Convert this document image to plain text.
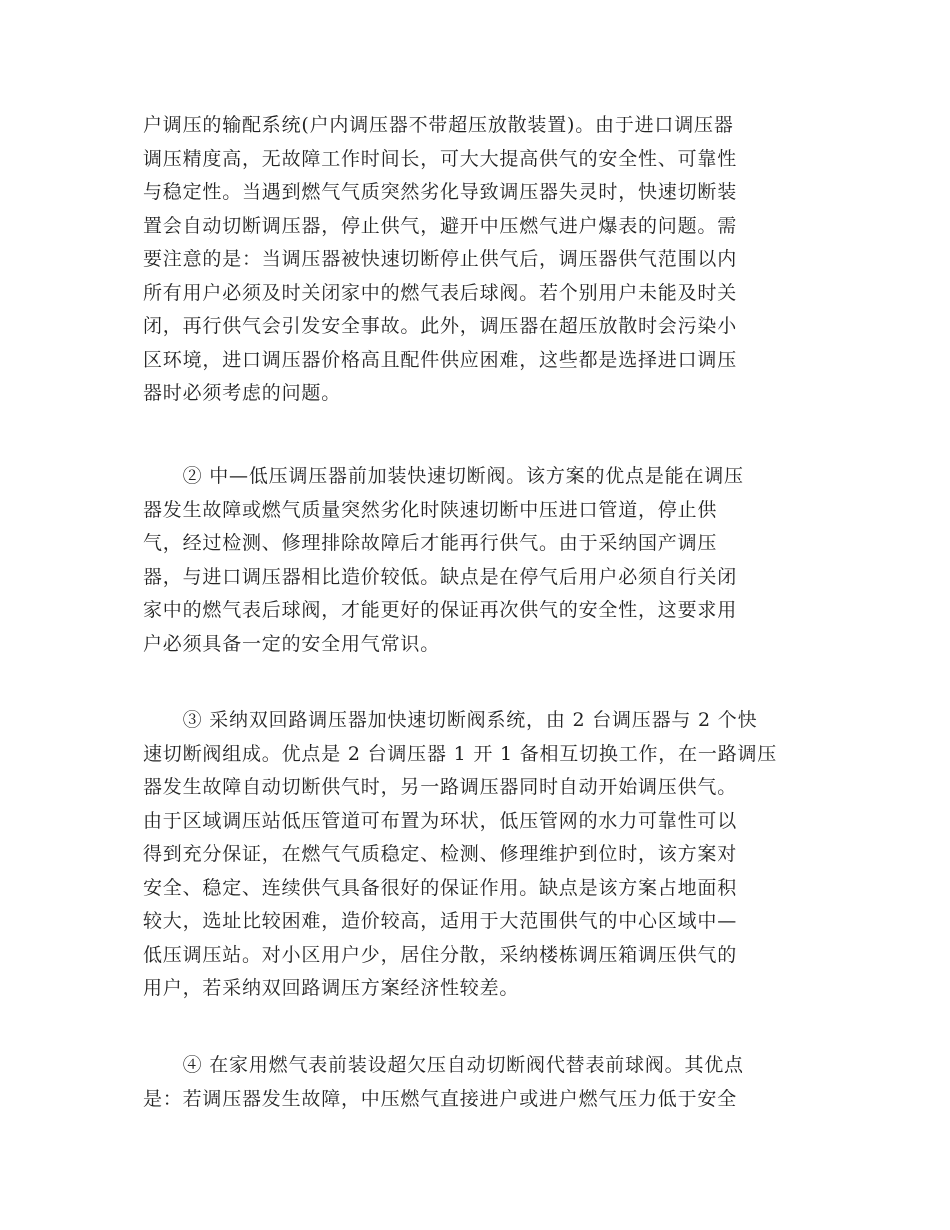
户调压的输配系统(户内调压器不带超压放散装置)。由于进口调压器
调压精度高，无故障工作时间长，可大大提高供气的安全性、可靠性
与稳定性。当遇到燃气气质突然劣化导致调压器失灵时，快速切断装
置会自动切断调压器，停止供气，避开中压燃气进户爆表的问题。需
要注意的是：当调压器被快速切断停止供气后，调压器供气范围以内
所有用户必须及时关闭家中的燃气表后球阀。若个别用户未能及时关
闭，再行供气会引发安全事故。此外，调压器在超压放散时会污染小
区环境，进口调压器价格高且配件供应困难，这些都是选择进口调压
器时必须考虑的问题。
　　② 中—低压调压器前加装快速切断阀。该方案的优点是能在调压
器发生故障或燃气质量突然劣化时陕速切断中压进口管道，停止供
气，经过检测、修理排除故障后才能再行供气。由于采纳国产调压
器，与进口调压器相比造价较低。缺点是在停气后用户必须自行关闭
家中的燃气表后球阀，才能更好的保证再次供气的安全性，这要求用
户必须具备一定的安全用气常识。
　　③ 采纳双回路调压器加快速切断阀系统，由 2 台调压器与 2 个快
速切断阀组成。优点是 2 台调压器 1 开 1 备相互切换工作，在一路调压
器发生故障自动切断供气时，另一路调压器同时自动开始调压供气。
由于区域调压站低压管道可布置为环状，低压管网的水力可靠性可以
得到充分保证，在燃气气质稳定、检测、修理维护到位时，该方案对
安全、稳定、连续供气具备很好的保证作用。缺点是该方案占地面积
较大，选址比较困难，造价较高，适用于大范围供气的中心区域中—
低压调压站。对小区用户少，居住分散，采纳楼栋调压箱调压供气的
用户，若采纳双回路调压方案经济性较差。
　　④ 在家用燃气表前装设超欠压自动切断阀代替表前球阀。其优点
是：若调压器发生故障，中压燃气直接进户或进户燃气压力低于安全
